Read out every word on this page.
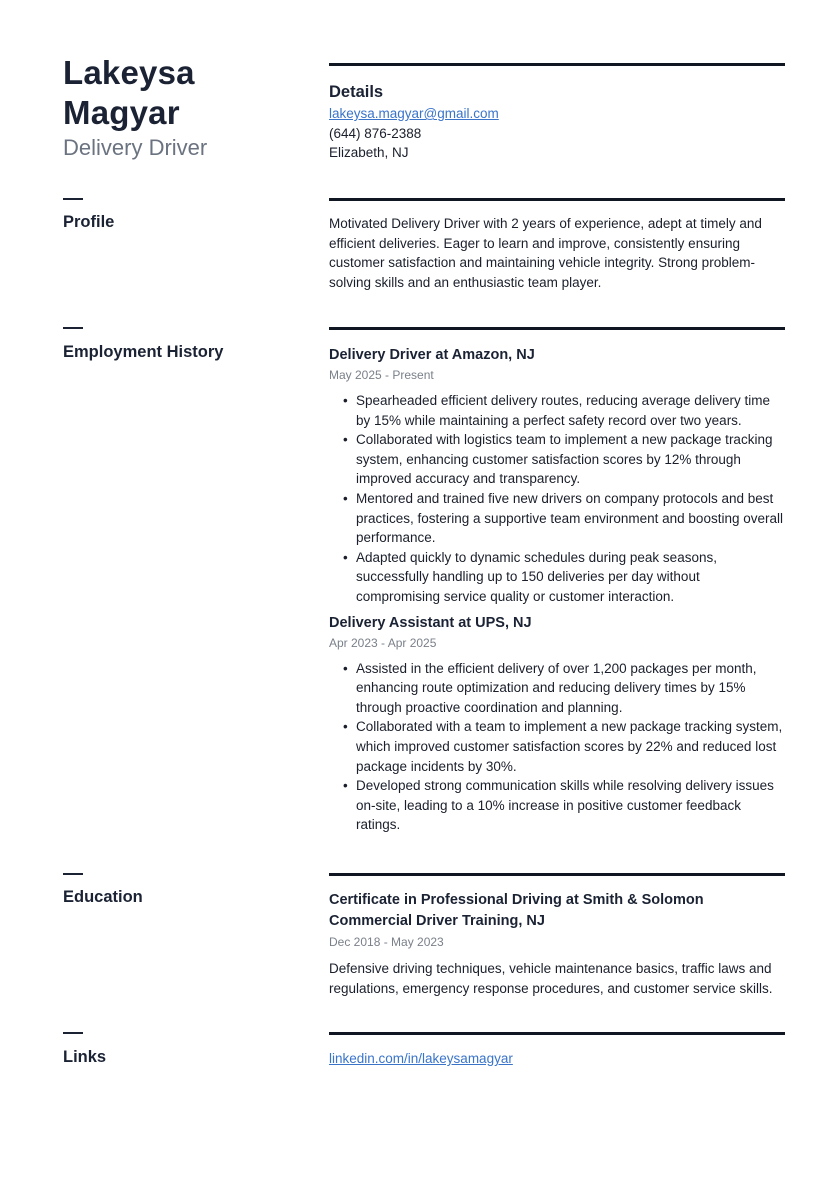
Lakeysa
Magyar
Delivery Driver
Details
lakeysa.magyar@gmail.com
(644) 876-2388
Elizabeth, NJ
Profile	Motivated Delivery Driver with 2 years of experience, adept at timely and efficient deliveries. Eager to learn and improve, consistently ensuring customer satisfaction and maintaining vehicle integrity. Strong problem-solving skills and an enthusiastic team player.
Employment History	Delivery Driver at Amazon, NJ
May 2025 - Present
• Spearheaded efficient delivery routes, reducing average delivery time by 15% while maintaining a perfect safety record over two years.
• Collaborated with logistics team to implement a new package tracking system, enhancing customer satisfaction scores by 12% through improved accuracy and transparency.
• Mentored and trained five new drivers on company protocols and best practices, fostering a supportive team environment and boosting overall performance.
• Adapted quickly to dynamic schedules during peak seasons, successfully handling up to 150 deliveries per day without compromising service quality or customer interaction.
Delivery Assistant at UPS, NJ
Apr 2023 - Apr 2025
• Assisted in the efficient delivery of over 1,200 packages per month, enhancing route optimization and reducing delivery times by 15% through proactive coordination and planning.
• Collaborated with a team to implement a new package tracking system, which improved customer satisfaction scores by 22% and reduced lost package incidents by 30%.
• Developed strong communication skills while resolving delivery issues on-site, leading to a 10% increase in positive customer feedback ratings.
Education	Certificate in Professional Driving at Smith & Solomon Commercial Driver Training, NJ
Dec 2018 - May 2023
Defensive driving techniques, vehicle maintenance basics, traffic laws and regulations, emergency response procedures, and customer service skills.
Links	linkedin.com/in/lakeysamagyar
